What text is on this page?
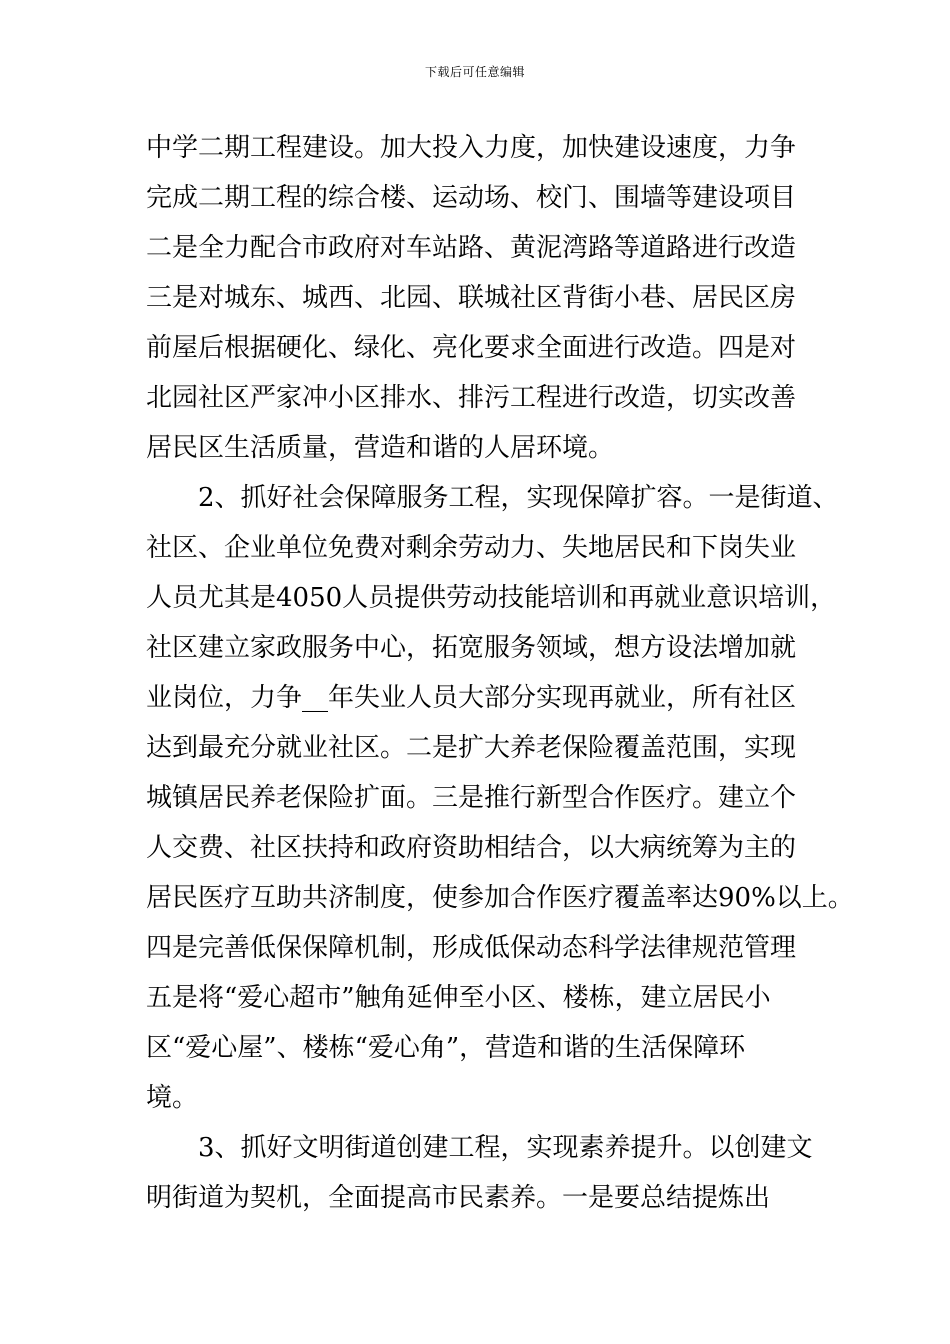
下载后可任意编辑
中学二期工程建设。加大投入力度，加快建设速度，力争
完成二期工程的综合楼、运动场、校门、围墙等建设项目
二是全力配合市政府对车站路、黄泥湾路等道路进行改造
三是对城东、城西、北园、联城社区背街小巷、居民区房
前屋后根据硬化、绿化、亮化要求全面进行改造。四是对
北园社区严家冲小区排水、排污工程进行改造，切实改善
居民区生活质量，营造和谐的人居环境。
2、抓好社会保障服务工程，实现保障扩容。一是街道、
社区、企业单位免费对剩余劳动力、失地居民和下岗失业
人员尤其是4050人员提供劳动技能培训和再就业意识培训，
社区建立家政服务中心，拓宽服务领域，想方设法增加就
业岗位，力争__年失业人员大部分实现再就业，所有社区
达到最充分就业社区。二是扩大养老保险覆盖范围，实现
城镇居民养老保险扩面。三是推行新型合作医疗。建立个
人交费、社区扶持和政府资助相结合，以大病统筹为主的
居民医疗互助共济制度，使参加合作医疗覆盖率达90%以上。
四是完善低保保障机制，形成低保动态科学法律规范管理
五是将“爱心超市”触角延伸至小区、楼栋，建立居民小
区“爱心屋”、楼栋“爱心角”，营造和谐的生活保障环
境。
3、抓好文明街道创建工程，实现素养提升。以创建文
明街道为契机，全面提高市民素养。一是要总结提炼出
